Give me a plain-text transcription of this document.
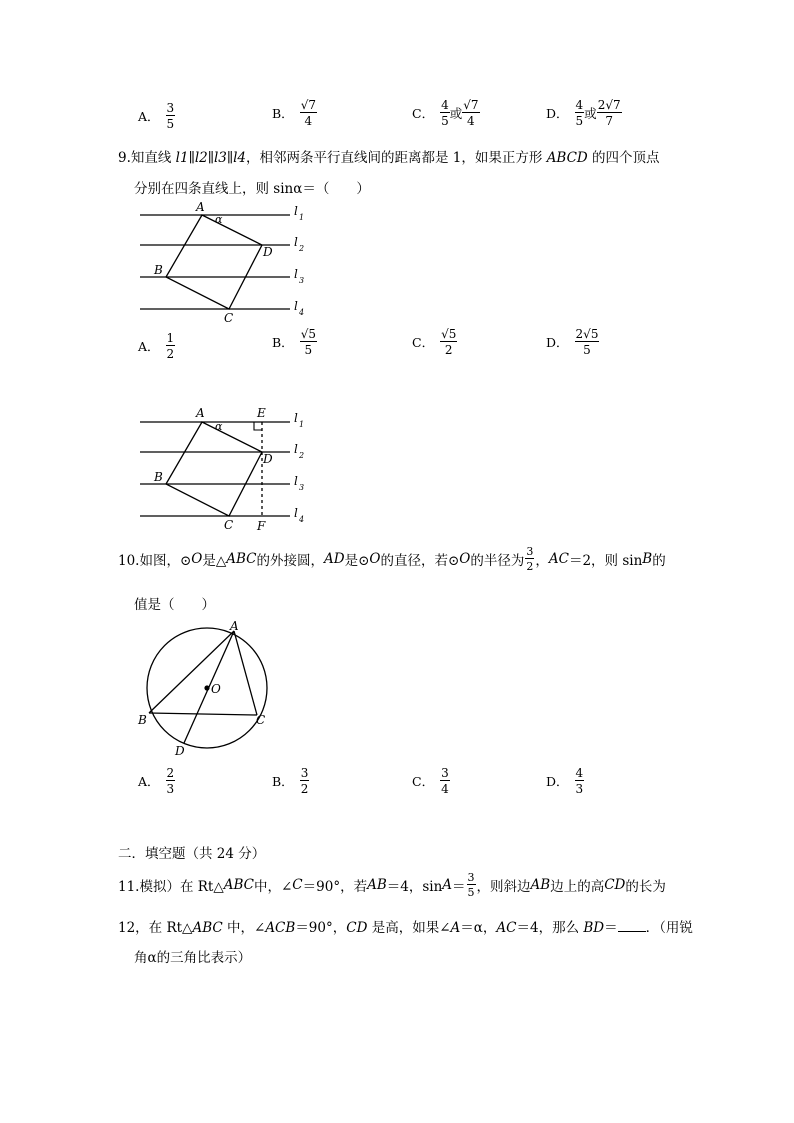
A． $\frac{3}{5}$	B． $\frac{√7}{4}$	C． $\frac{4}{5}$ 或 $\frac{√7}{4}$	D． $\frac{4}{5}$ 或 $\frac{2√7}{7}$
9.知直线 l1∥l2∥l3∥l4，相邻两条平行直线间的距离都是 1，如果正方形 ABCD 的四个顶点
分别在四条直线上，则 sinα＝（　　）
A
α
D
B
C
l 1
l 2
l 3
l 4
A． $\frac{1}{2}$	B． $\frac{√5}{5}$	C． $\frac{√5}{2}$	D． $\frac{2√5}{5}$
A
α
E
D
B
C F
l 1
l 2
l 3
l 4
10.如图，⊙ O 是△ ABC 的外接圆， AD 是⊙ O 的直径，若⊙ O 的半径为 $\frac{3}{2}$ ， AC ＝2，则 sin B 的
值是（　　）
A
O
B	C
D
A． $\frac{2}{3}$	B． $\frac{3}{2}$	C． $\frac{3}{4}$	D． $\frac{4}{3}$
二．填空题（共 24 分）
11.模拟）在 Rt△ ABC 中，∠ C ＝90°，若 AB ＝4，$\sin A = \frac{3}{5}$ ，则斜边 AB 边上的高 CD 的长为
12，在 Rt△ABC 中，∠ACB＝90°，CD 是高，如果∠A＝α，AC＝4，那么 BD＝ ．（用锐
角α的三角比表示）
